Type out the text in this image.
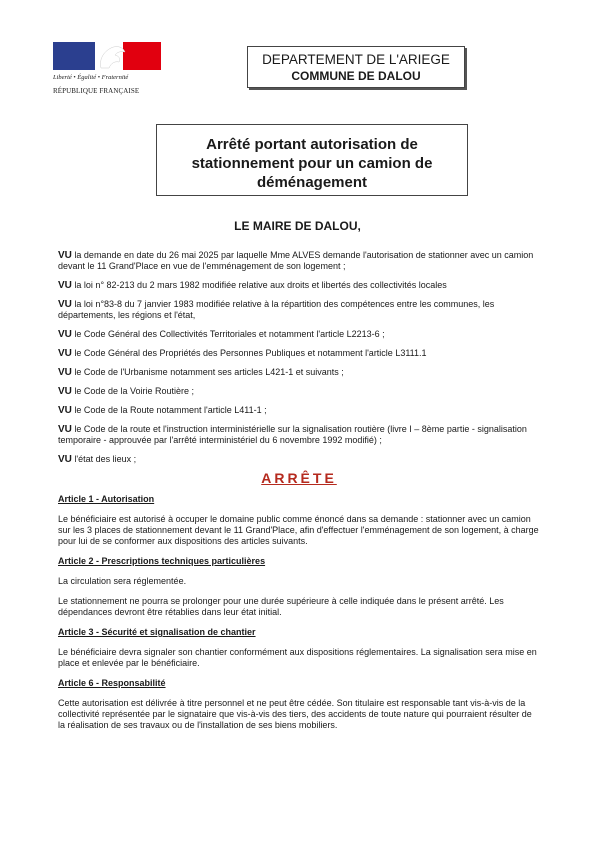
Liberté • Égalité • Fraternité
RÉPUBLIQUE FRANÇAISE
DEPARTEMENT DE L'ARIEGE
COMMUNE DE DALOU
Arrêté portant autorisation de
stationnement pour un camion de
déménagement
LE MAIRE DE DALOU,

VU la demande en date du 26 mai 2025 par laquelle Mme ALVES demande l'autorisation de stationner avec un camion devant le 11 Grand'Place en vue de l'emménagement de son logement ;

VU la loi n° 82-213 du 2 mars 1982 modifiée relative aux droits et libertés des collectivités locales

VU la loi n°83-8 du 7 janvier 1983 modifiée relative à la répartition des compétences entre les communes, les départements, les régions et l'état,

VU le Code Général des Collectivités Territoriales et notamment l'article L2213-6 ;

VU le Code Général des Propriétés des Personnes Publiques et notamment l'article L3111.1

VU le Code de l'Urbanisme notamment ses articles L421-1 et suivants ;

VU le Code de la Voirie Routière ;

VU le Code de la Route notamment l'article L411-1 ;

VU le Code de la route et l'instruction interministérielle sur la signalisation routière (livre I – 8ème partie - signalisation temporaire - approuvée par l'arrêté interministériel du 6 novembre 1992 modifié) ;

VU l'état des lieux ;

ARRÊTE
Article 1 - Autorisation

Le bénéficiaire est autorisé à occuper le domaine public comme énoncé dans sa demande : stationner avec un camion sur les 3 places de stationnement devant le 11 Grand'Place, afin d'effectuer l'emménagement de son logement, à charge pour lui de se conformer aux dispositions des articles suivants.

Article 2 - Prescriptions techniques particulières

La circulation sera réglementée.

Le stationnement ne pourra se prolonger pour une durée supérieure à celle indiquée dans le présent arrêté. Les dépendances devront être rétablies dans leur état initial.

Article 3 - Sécurité et signalisation de chantier

Le bénéficiaire devra signaler son chantier conformément aux dispositions réglementaires. La signalisation sera mise en place et enlevée par le bénéficiaire.

Article 6 - Responsabilité

Cette autorisation est délivrée à titre personnel et ne peut être cédée. Son titulaire est responsable tant vis-à-vis de la collectivité représentée par le signataire que vis-à-vis des tiers, des accidents de toute nature qui pourraient résulter de la réalisation de ses travaux ou de l'installation de ses biens mobiliers.
